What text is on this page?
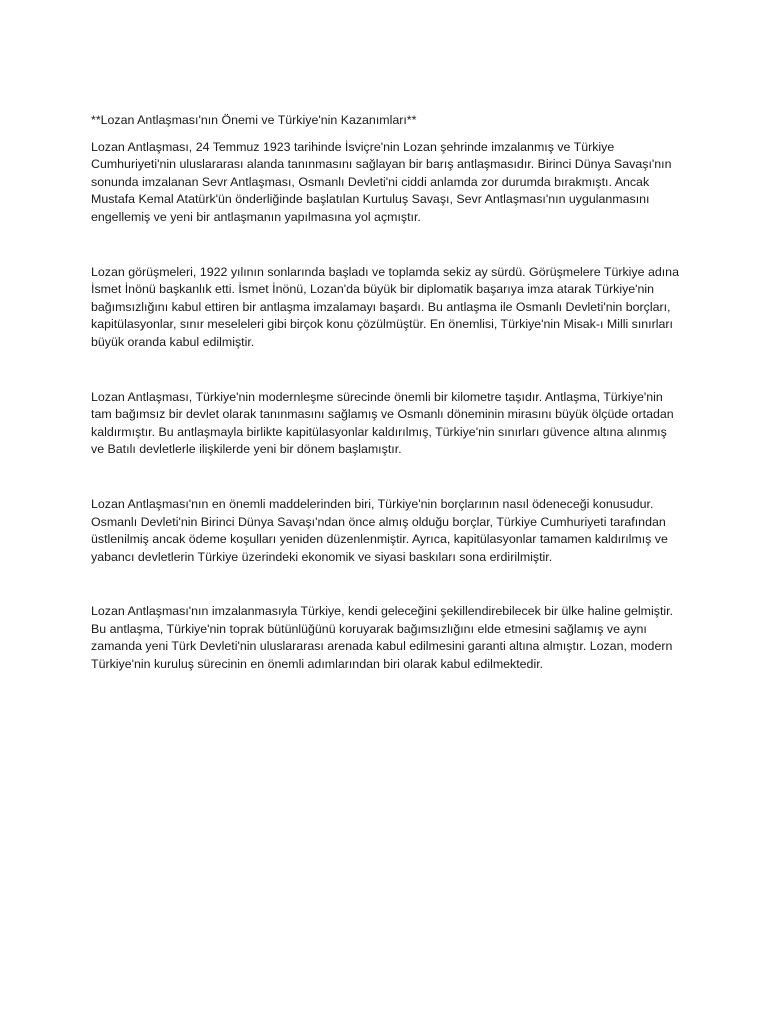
**Lozan Antlaşması'nın Önemi ve Türkiye'nin Kazanımları**

Lozan Antlaşması, 24 Temmuz 1923 tarihinde İsviçre'nin Lozan şehrinde imzalanmış ve Türkiye Cumhuriyeti'nin uluslararası alanda tanınmasını sağlayan bir barış antlaşmasıdır. Birinci Dünya Savaşı'nın sonunda imzalanan Sevr Antlaşması, Osmanlı Devleti'ni ciddi anlamda zor durumda bırakmıştı. Ancak Mustafa Kemal Atatürk'ün önderliğinde başlatılan Kurtuluş Savaşı, Sevr Antlaşması'nın uygulanmasını engellemiş ve yeni bir antlaşmanın yapılmasına yol açmıştır.

Lozan görüşmeleri, 1922 yılının sonlarında başladı ve toplamda sekiz ay sürdü. Görüşmelere Türkiye adına İsmet İnönü başkanlık etti. İsmet İnönü, Lozan'da büyük bir diplomatik başarıya imza atarak Türkiye'nin bağımsızlığını kabul ettiren bir antlaşma imzalamayı başardı. Bu antlaşma ile Osmanlı Devleti'nin borçları, kapitülasyonlar, sınır meseleleri gibi birçok konu çözülmüştür. En önemlisi, Türkiye'nin Misak-ı Milli sınırları büyük oranda kabul edilmiştir.

Lozan Antlaşması, Türkiye'nin modernleşme sürecinde önemli bir kilometre taşıdır. Antlaşma, Türkiye'nin tam bağımsız bir devlet olarak tanınmasını sağlamış ve Osmanlı döneminin mirasını büyük ölçüde ortadan kaldırmıştır. Bu antlaşmayla birlikte kapitülasyonlar kaldırılmış, Türkiye'nin sınırları güvence altına alınmış ve Batılı devletlerle ilişkilerde yeni bir dönem başlamıştır.

Lozan Antlaşması'nın en önemli maddelerinden biri, Türkiye'nin borçlarının nasıl ödeneceği konusudur. Osmanlı Devleti'nin Birinci Dünya Savaşı'ndan önce almış olduğu borçlar, Türkiye Cumhuriyeti tarafından üstlenilmiş ancak ödeme koşulları yeniden düzenlenmiştir. Ayrıca, kapitülasyonlar tamamen kaldırılmış ve yabancı devletlerin Türkiye üzerindeki ekonomik ve siyasi baskıları sona erdirilmiştir.

Lozan Antlaşması'nın imzalanmasıyla Türkiye, kendi geleceğini şekillendirebilecek bir ülke haline gelmiştir. Bu antlaşma, Türkiye'nin toprak bütünlüğünü koruyarak bağımsızlığını elde etmesini sağlamış ve aynı zamanda yeni Türk Devleti'nin uluslararası arenada kabul edilmesini garanti altına almıştır. Lozan, modern Türkiye'nin kuruluş sürecinin en önemli adımlarından biri olarak kabul edilmektedir.
